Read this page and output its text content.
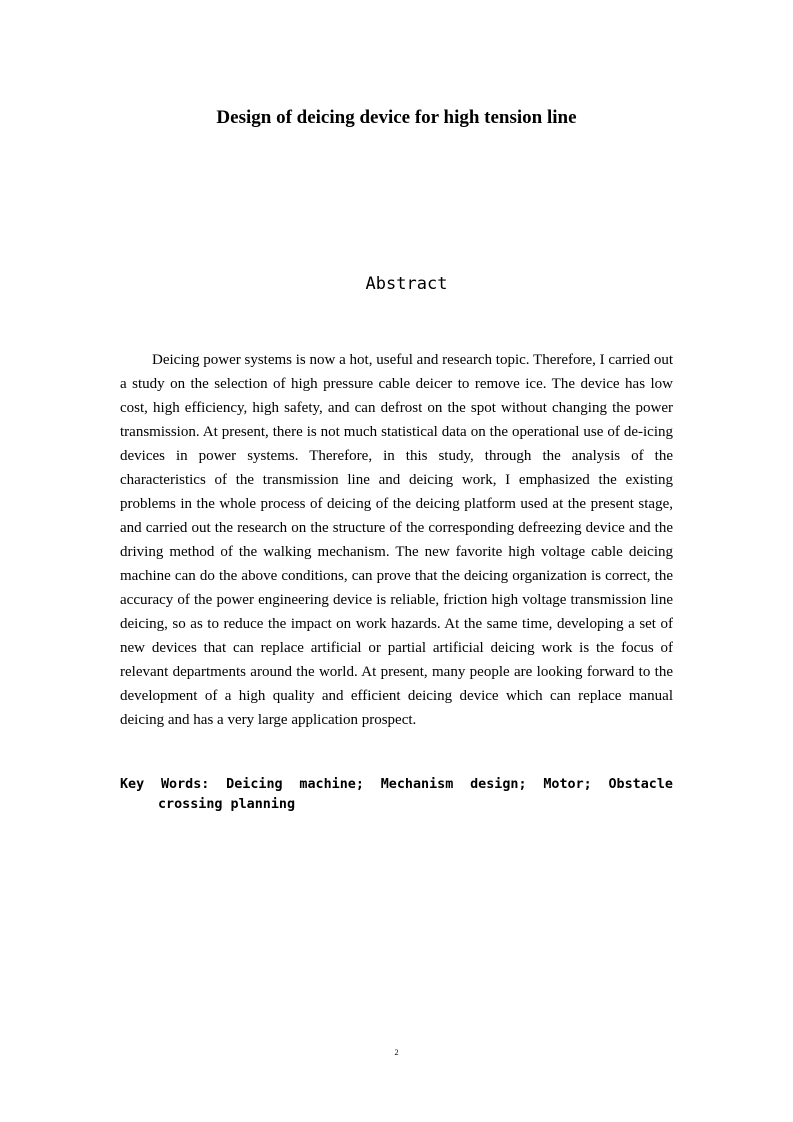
Design of deicing device for high tension line
Abstract

Deicing power systems is now a hot, useful and research topic. Therefore, I carried out a study on the selection of high pressure cable deicer to remove ice. The device has low cost, high efficiency, high safety, and can defrost on the spot without changing the power transmission. At present, there is not much statistical data on the operational use of de-icing devices in power systems. Therefore, in this study, through the analysis of the characteristics of the transmission line and deicing work, I emphasized the existing problems in the whole process of deicing of the deicing platform used at the present stage, and carried out the research on the structure of the corresponding defreezing device and the driving method of the walking mechanism. The new favorite high voltage cable deicing machine can do the above conditions, can prove that the deicing organization is correct, the accuracy of the power engineering device is reliable, friction high voltage transmission line deicing, so as to reduce the impact on work hazards. At the same time, developing a set of new devices that can replace artificial or partial artificial deicing work is the focus of relevant departments around the world. At present, many people are looking forward to the development of a high quality and efficient deicing device which can replace manual deicing and has a very large application prospect.

Key Words: Deicing machine; Mechanism design; Motor; Obstacle crossing planning

2
